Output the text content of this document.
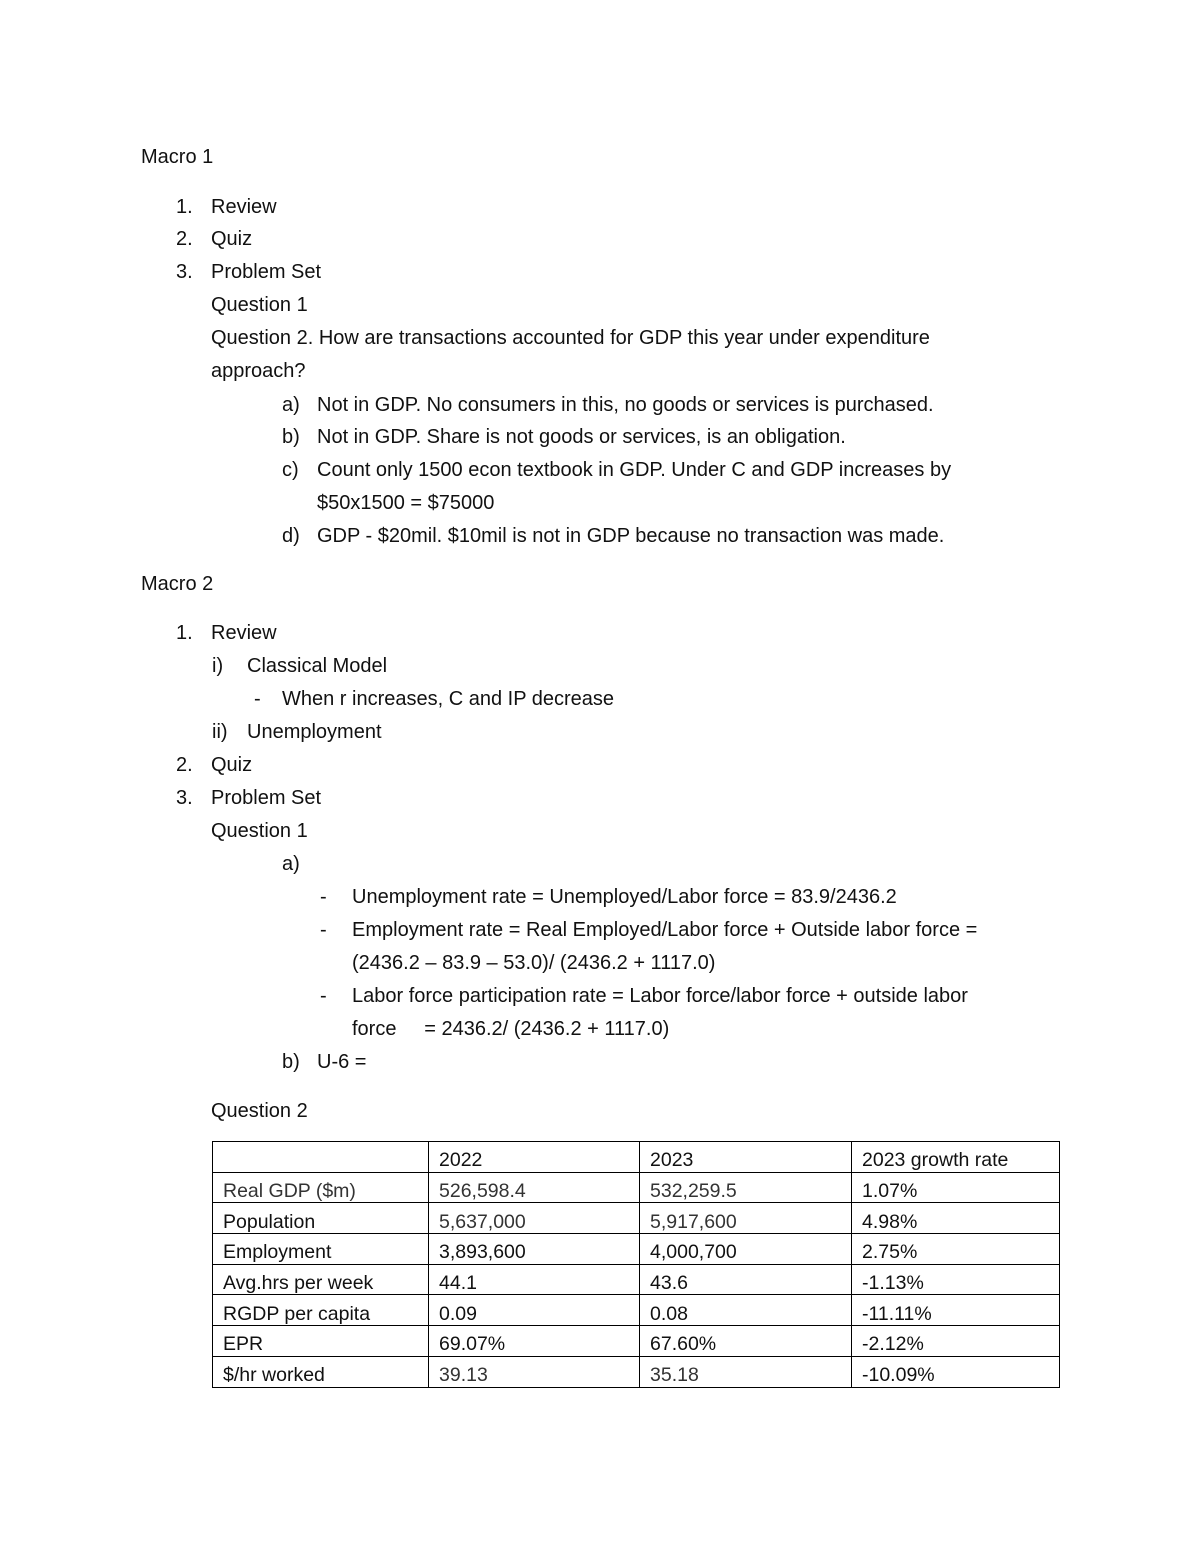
Macro 1
1. Review
2. Quiz
3. Problem Set
Question 1
Question 2. How are transactions accounted for GDP this year under expenditure
approach?
a) Not in GDP. No consumers in this, no goods or services is purchased.
b) Not in GDP. Share is not goods or services, is an obligation.
c) Count only 1500 econ textbook in GDP. Under C and GDP increases by
$50x1500 = $75000
d) GDP - $20mil. $10mil is not in GDP because no transaction was made.
Macro 2
1. Review
i) Classical Model
- When r increases, C and IP decrease
ii) Unemployment
2. Quiz
3. Problem Set
Question 1
a)
- Unemployment rate = Unemployed/Labor force = 83.9/2436.2
- Employment rate = Real Employed/Labor force + Outside labor force =
(2436.2 – 83.9 – 53.0)/ (2436.2 + 1117.0)
- Labor force participation rate = Labor force/labor force + outside labor
force     = 2436.2/ (2436.2 + 1117.0)
b) U-6 =
Question 2
	2022	2023	2023 growth rate
Real GDP ($m)	526,598.4	532,259.5	1.07%
Population	5,637,000	5,917,600	4.98%
Employment	3,893,600	4,000,700	2.75%
Avg.hrs per week	44.1	43.6	-1.13%
RGDP per capita	0.09	0.08	-11.11%
EPR	69.07%	67.60%	-2.12%
$/hr worked	39.13	35.18	-10.09%
